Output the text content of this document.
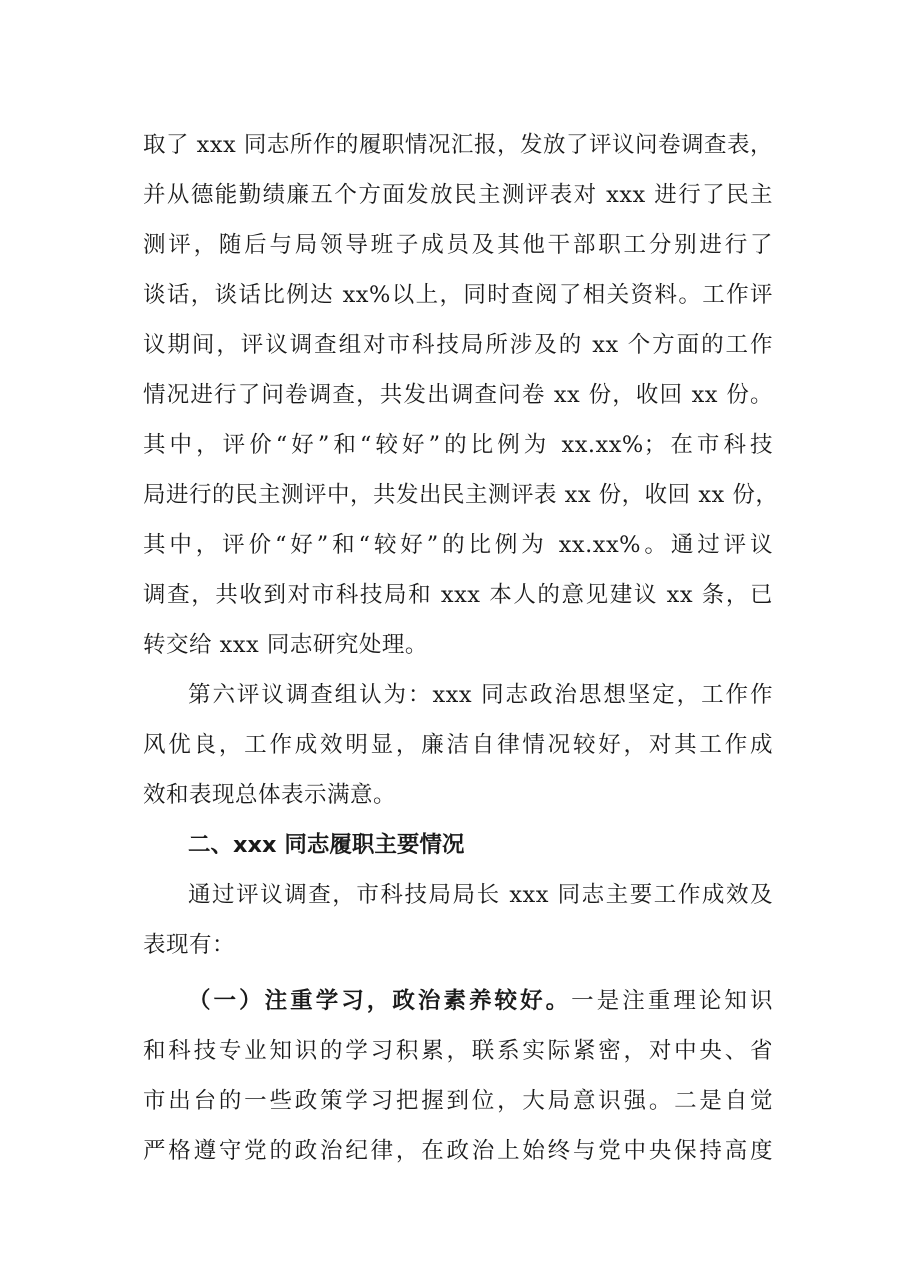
取了 xxx 同志所作的履职情况汇报，发放了评议问卷调查表，
并从德能勤绩廉五个方面发放民主测评表对 xxx 进行了民主
测评，随后与局领导班子成员及其他干部职工分别进行了
谈话，谈话比例达 xx%以上，同时查阅了相关资料。工作评
议期间，评议调查组对市科技局所涉及的 xx 个方面的工作
情况进行了问卷调查，共发出调查问卷 xx 份，收回 xx 份。
其中，评价“好”和“较好”的比例为 xx.xx%；在市科技
局进行的民主测评中，共发出民主测评表 xx 份，收回 xx 份，
其中，评价“好”和“较好”的比例为 xx.xx%。通过评议
调查，共收到对市科技局和 xxx 本人的意见建议 xx 条，已
转交给 xxx 同志研究处理。
第六评议调查组认为：xxx 同志政治思想坚定，工作作
风优良，工作成效明显，廉洁自律情况较好，对其工作成
效和表现总体表示满意。
二、xxx 同志履职主要情况
通过评议调查，市科技局局长 xxx 同志主要工作成效及
表现有：
（一）注重学习，政治素养较好。一是注重理论知识
和科技专业知识的学习积累，联系实际紧密，对中央、省
市出台的一些政策学习把握到位，大局意识强。二是自觉
严格遵守党的政治纪律，在政治上始终与党中央保持高度
